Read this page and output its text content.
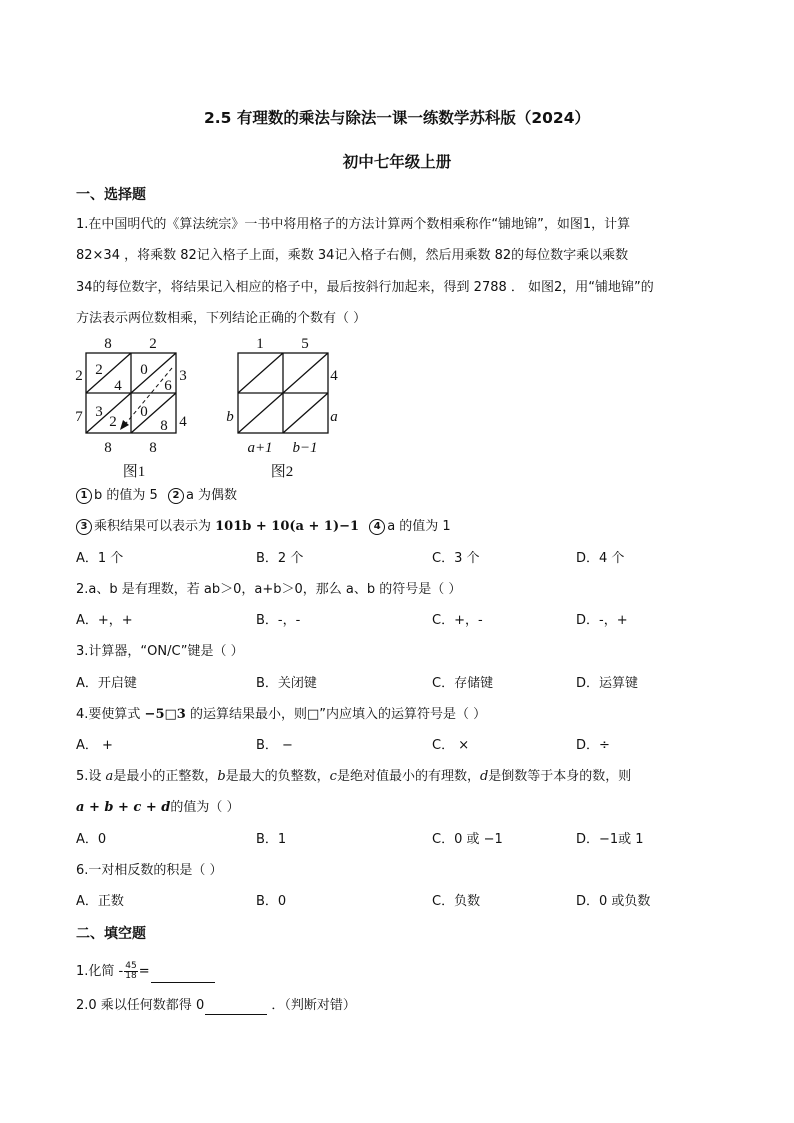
2.5 有理数的乘法与除法一课一练数学苏科版（2024）
初中七年级上册
一、选择题
1.在中国明代的《算法统宗》一书中将用格子的方法计算两个数相乘称作“铺地锦”，如图1，计算
82×34 ，将乘数 82记入格子上面，乘数 34记入格子右侧，然后用乘数 82的每位数字乘以乘数
34的每位数字，将结果记入相应的格子中，最后按斜行加起来，得到 2788 ． 如图2，用“铺地锦”的
方法表示两位数相乘，下列结论正确的个数有（ ）
8	2
2
7
3
6
4
2
4
0
3
2
0
8
8	8
图1
1	5
4
a
b
a+1 b−1
图2
1 b 的值为 5 2 a 为偶数
3 乘积结果可以表示为 101b + 10(a + 1)−1 4 a 的值为 1
A．1 个	B．2 个	C．3 个	D．4 个
2.a、b 是有理数，若 ab＞0，a+b＞0，那么 a、b 的符号是（ ）
A．+，+	B．-，-	C．+，-	D．-，+
3.计算器，“ON/C”键是（ ）
A．开启键	B．关闭键	C．存储键	D．运算键
4.要使算式 −5□3 的运算结果最小，则□”内应填入的运算符号是（ ）
A． +	B． −	C． ×	D．÷
5.设 a是最小的正整数，b是最大的负整数，c是绝对值最小的有理数，d是倒数等于本身的数，则
a + b + c + d的值为（ ）
A．0	B．1	C．0 或 −1	D．−1或 1
6.一对相反数的积是（ ）
A．正数	B．0	C．负数	D．0 或负数
二、填空题
1.化简 - $\frac{45}{18}$ =
2.0 乘以任何数都得 0	．（判断对错）
